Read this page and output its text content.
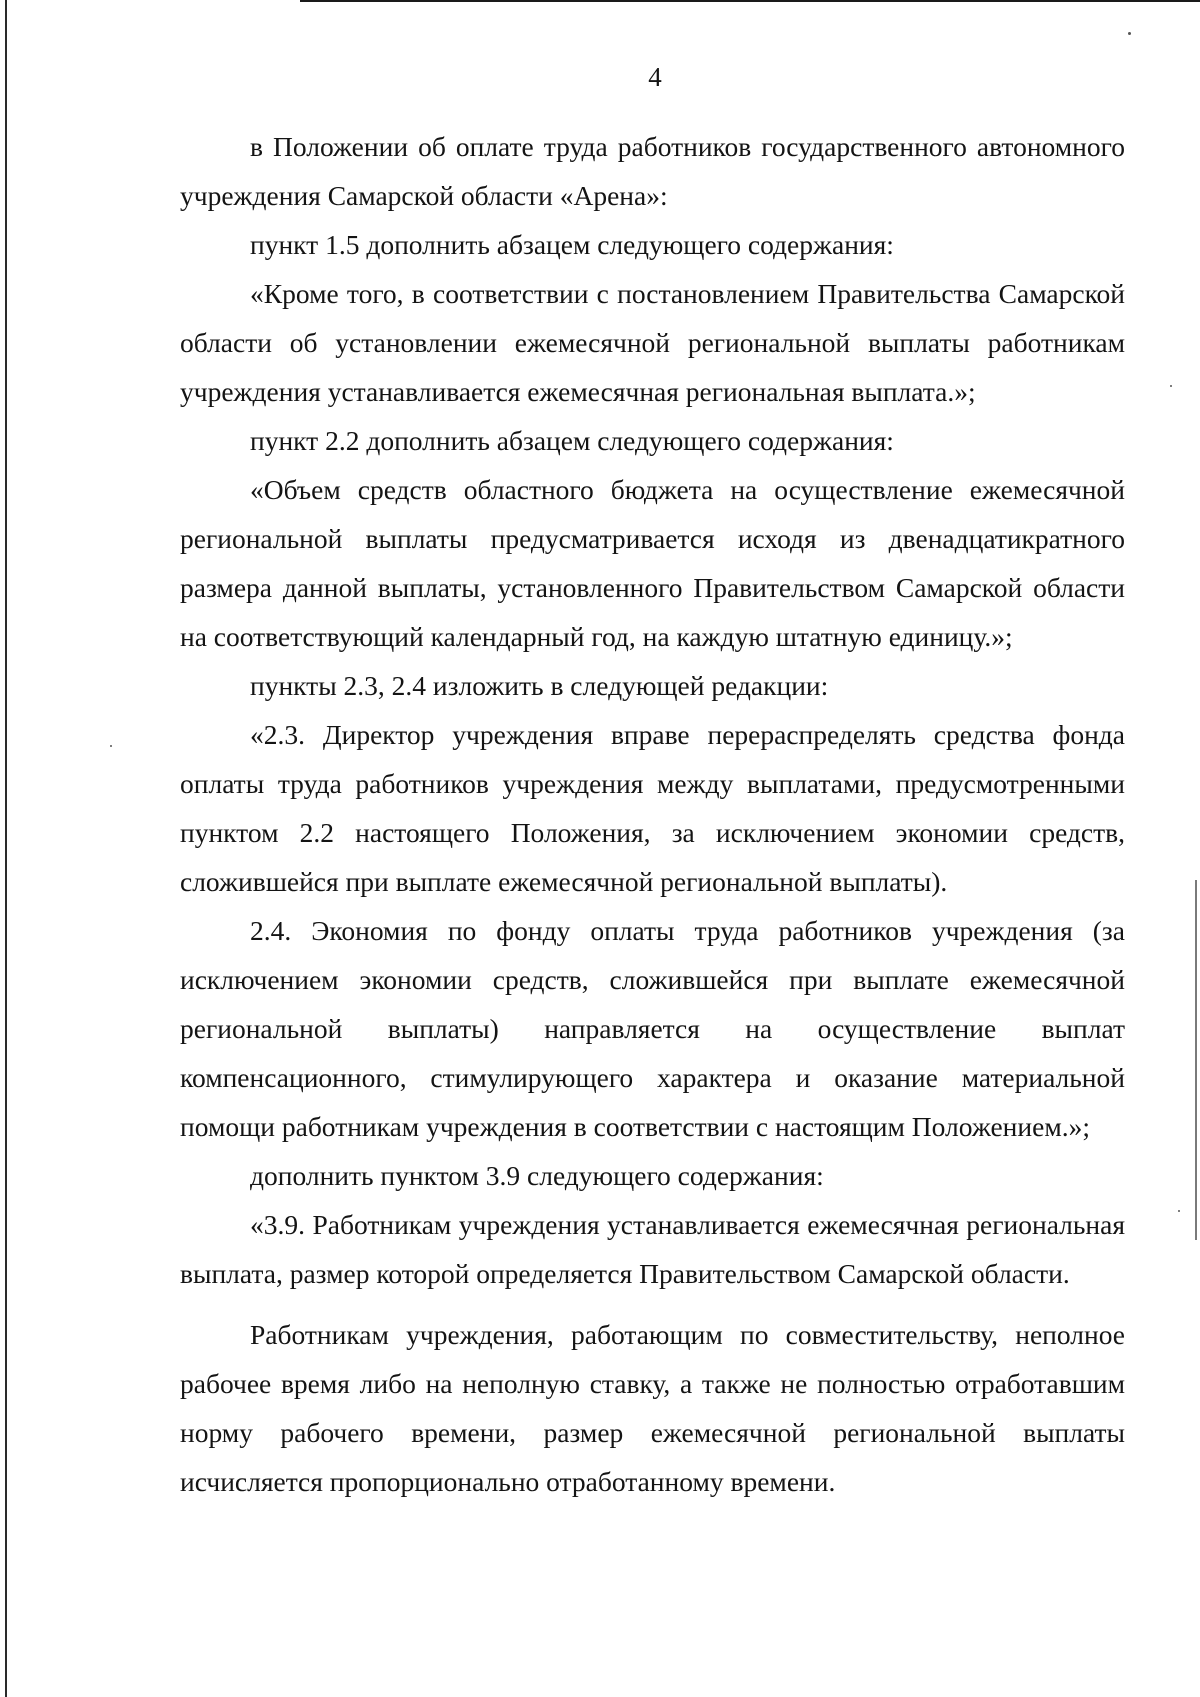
4

в Положении об оплате труда работников государственного автономного учреждения Самарской области «Арена»:

пункт 1.5 дополнить абзацем следующего содержания:

«Кроме того, в соответствии с постановлением Правительства Самарской области об установлении ежемесячной региональной выплаты работникам учреждения устанавливается ежемесячная региональная выплата.»;

пункт 2.2 дополнить абзацем следующего содержания:

«Объем средств областного бюджета на осуществление ежемесячной региональной выплаты предусматривается исходя из двенадцатикратного размера данной выплаты, установленного Правительством Самарской области на соответствующий календарный год, на каждую штатную единицу.»;

пункты 2.3, 2.4 изложить в следующей редакции:

«2.3. Директор учреждения вправе перераспределять средства фонда оплаты труда работников учреждения между выплатами, предусмотренными пунктом 2.2 настоящего Положения, за исключением экономии средств, сложившейся при выплате ежемесячной региональной выплаты).

2.4. Экономия по фонду оплаты труда работников учреждения (за исключением экономии средств, сложившейся при выплате ежемесячной региональной выплаты) направляется на осуществление выплат компенсационного, стимулирующего характера и оказание материальной помощи работникам учреждения в соответствии с настоящим Положением.»;

дополнить пунктом 3.9 следующего содержания:

«3.9. Работникам учреждения устанавливается ежемесячная региональная выплата, размер которой определяется Правительством Самарской области.

Работникам учреждения, работающим по совместительству, неполное рабочее время либо на неполную ставку, а также не полностью отработавшим норму рабочего времени, размер ежемесячной региональной выплаты исчисляется пропорционально отработанному времени.
